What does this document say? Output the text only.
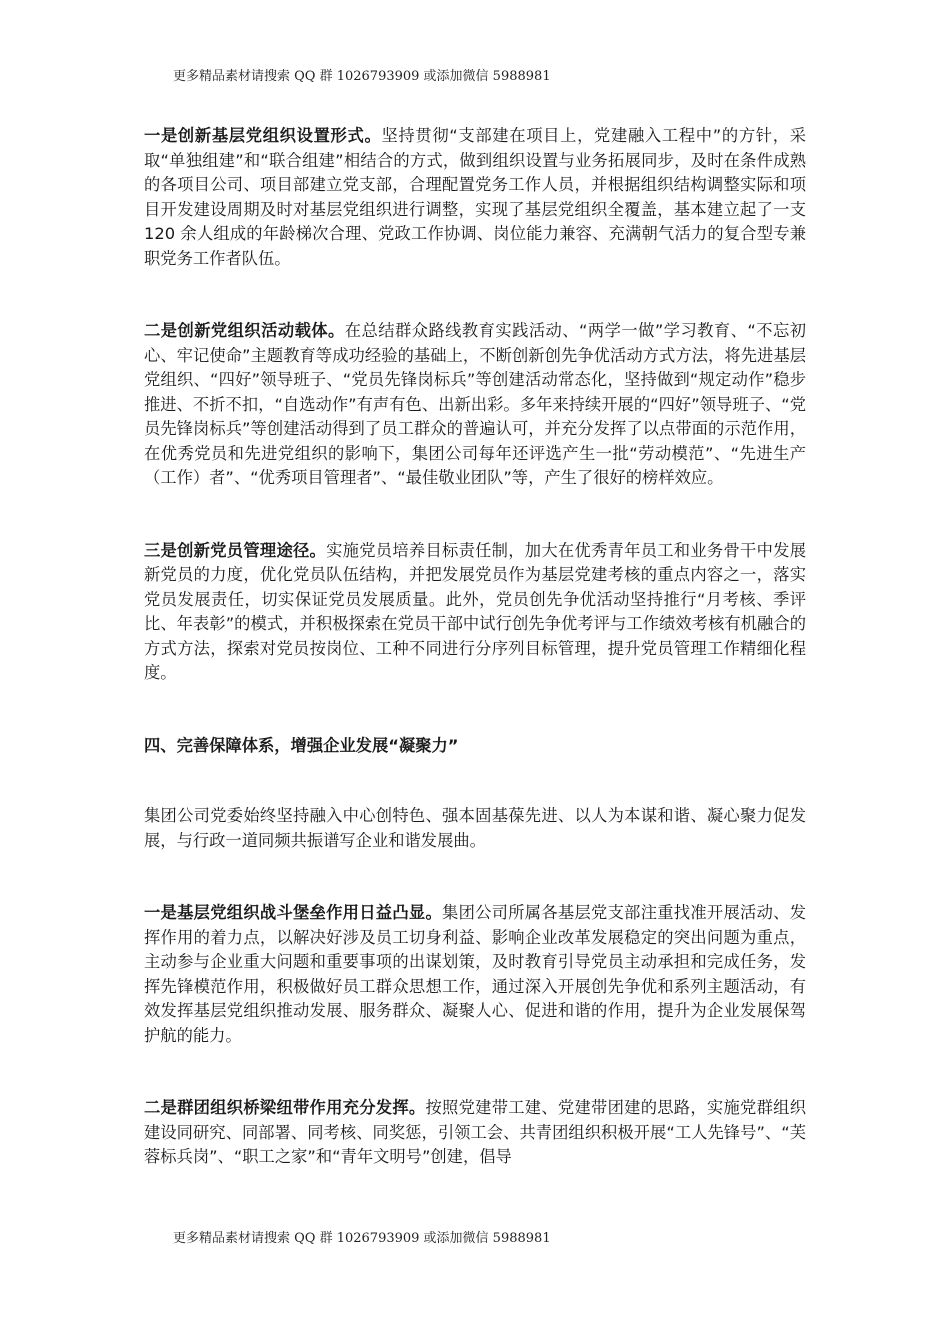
更多精品素材请搜索 QQ 群 1026793909 或添加微信 5988981

一是创新基层党组织设置形式。坚持贯彻“支部建在项目上，党建融入工程中”的方针，采取“单独组建”和“联合组建”相结合的方式，做到组织设置与业务拓展同步，及时在条件成熟的各项目公司、项目部建立党支部，合理配置党务工作人员，并根据组织结构调整实际和项目开发建设周期及时对基层党组织进行调整，实现了基层党组织全覆盖，基本建立起了一支 120 余人组成的年龄梯次合理、党政工作协调、岗位能力兼容、充满朝气活力的复合型专兼职党务工作者队伍。

二是创新党组织活动载体。在总结群众路线教育实践活动、“两学一做”学习教育、“不忘初心、牢记使命”主题教育等成功经验的基础上，不断创新创先争优活动方式方法，将先进基层党组织、“四好”领导班子、“党员先锋岗标兵”等创建活动常态化，坚持做到“规定动作”稳步推进、不折不扣，“自选动作”有声有色、出新出彩。多年来持续开展的“四好”领导班子、“党员先锋岗标兵”等创建活动得到了员工群众的普遍认可，并充分发挥了以点带面的示范作用，在优秀党员和先进党组织的影响下，集团公司每年还评选产生一批“劳动模范”、“先进生产（工作）者”、“优秀项目管理者”、“最佳敬业团队”等，产生了很好的榜样效应。

三是创新党员管理途径。实施党员培养目标责任制，加大在优秀青年员工和业务骨干中发展新党员的力度，优化党员队伍结构，并把发展党员作为基层党建考核的重点内容之一，落实党员发展责任，切实保证党员发展质量。此外，党员创先争优活动坚持推行“月考核、季评比、年表彰”的模式，并积极探索在党员干部中试行创先争优考评与工作绩效考核有机融合的方式方法，探索对党员按岗位、工种不同进行分序列目标管理，提升党员管理工作精细化程度。

四、完善保障体系，增强企业发展“凝聚力”

集团公司党委始终坚持融入中心创特色、强本固基葆先进、以人为本谋和谐、凝心聚力促发展，与行政一道同频共振谱写企业和谐发展曲。

一是基层党组织战斗堡垒作用日益凸显。集团公司所属各基层党支部注重找准开展活动、发挥作用的着力点，以解决好涉及员工切身利益、影响企业改革发展稳定的突出问题为重点，主动参与企业重大问题和重要事项的出谋划策，及时教育引导党员主动承担和完成任务，发挥先锋模范作用，积极做好员工群众思想工作，通过深入开展创先争优和系列主题活动，有效发挥基层党组织推动发展、服务群众、凝聚人心、促进和谐的作用，提升为企业发展保驾护航的能力。

二是群团组织桥梁纽带作用充分发挥。按照党建带工建、党建带团建的思路，实施党群组织建设同研究、同部署、同考核、同奖惩，引领工会、共青团组织积极开展“工人先锋号”、“芙蓉标兵岗”、“职工之家”和“青年文明号”创建，倡导

更多精品素材请搜索 QQ 群 1026793909 或添加微信 5988981
